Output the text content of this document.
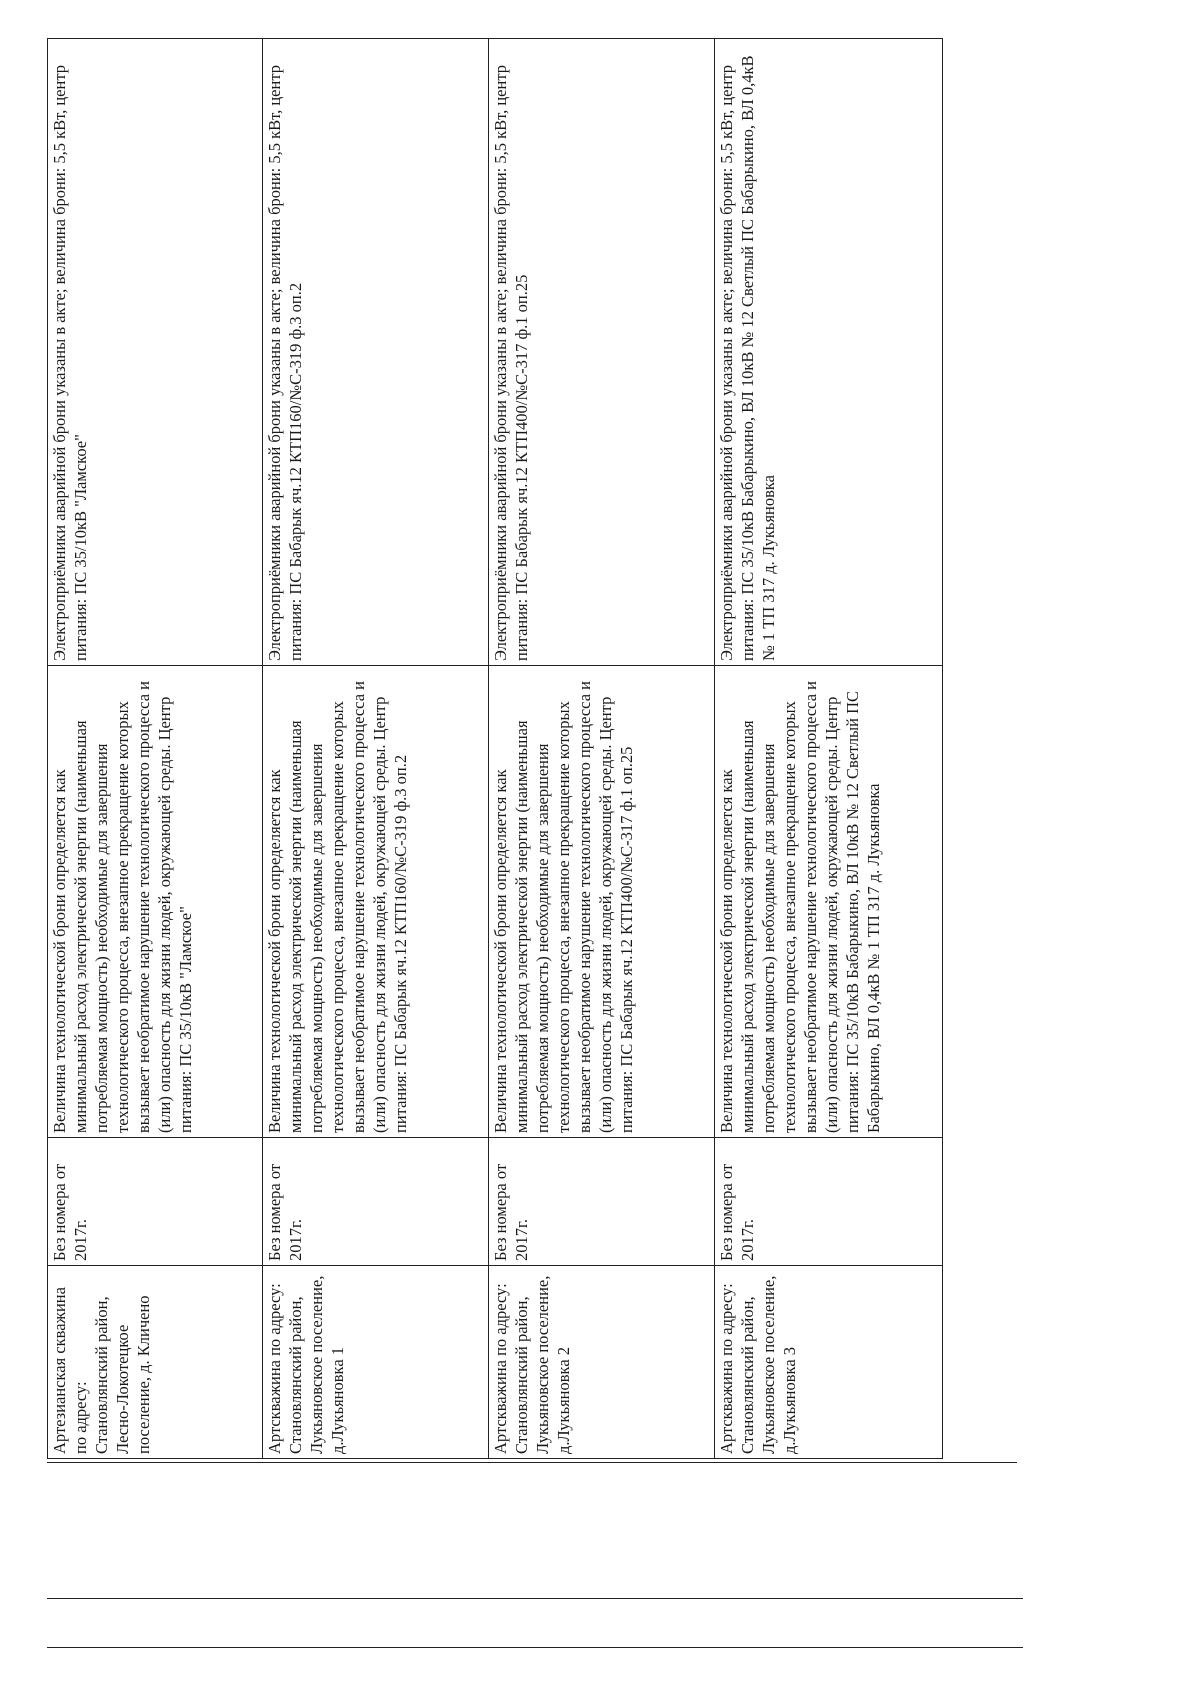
Артезианская скважина по адресу: Становлянский район, Лесно-Локотецкое поселение, д. Кличено	Без номера от 2017г.	Величина технологической брони определяется как минимальный расход электрической энергии (наименьшая потребляемая мощность) необходимые для завершения технологического процесса, внезапное прекращение которых вызывает необратимое нарушение технологического процесса и (или) опасность для жизни людей, окружающей среды. Центр питания: ПС 35/10кВ "Ламское"	Электроприёмники аварийной брони указаны в акте; величина брони: 5,5 кВт, центр питания: ПС 35/10кВ "Ламское"

Артскважина по адресу: Становлянский район, Лукьяновское поселение, д.Лукьяновка 1	Без номера от 2017г.	Величина технологической брони определяется как минимальный расход электрической энергии (наименьшая потребляемая мощность) необходимые для завершения технологического процесса, внезапное прекращение которых вызывает необратимое нарушение технологического процесса и (или) опасность для жизни людей, окружающей среды. Центр питания: ПС Бабарык яч.12 КТП160/№С-319 ф.3 оп.2	Электроприёмники аварийной брони указаны в акте; величина брони: 5,5 кВт, центр питания: ПС Бабарык яч.12 КТП160/№С-319 ф.3 оп.2

Артскважина по адресу: Становлянский район, Лукьяновское поселение, д.Лукьяновка 2	Без номера от 2017г.	Величина технологической брони определяется как минимальный расход электрической энергии (наименьшая потребляемая мощность) необходимые для завершения технологического процесса, внезапное прекращение которых вызывает необратимое нарушение технологического процесса и (или) опасность для жизни людей, окружающей среды. Центр питания: ПС Бабарык яч.12 КТП400/№С-317 ф.1 оп.25	Электроприёмники аварийной брони указаны в акте; величина брони: 5,5 кВт, центр питания: ПС Бабарык яч.12 КТП400/№С-317 ф.1 оп.25

Артскважина по адресу: Становлянский район, Лукьяновское поселение, д.Лукьяновка 3	Без номера от 2017г.	Величина технологической брони определяется как минимальный расход электрической энергии (наименьшая потребляемая мощность) необходимые для завершения технологического процесса, внезапное прекращение которых вызывает необратимое нарушение технологического процесса и (или) опасность для жизни людей, окружающей среды. Центр питания: ПС 35/10кВ Бабарыкино, ВЛ 10кВ № 12 Светлый ПС Бабарыкино, ВЛ 0,4кВ № 1 ТП 317 д. Лукьяновка	Электроприёмники аварийной брони указаны в акте; величина брони: 5,5 кВт, центр питания: ПС 35/10кВ Бабарыкино, ВЛ 10кВ № 12 Светлый ПС Бабарыкино, ВЛ 0,4кВ № 1 ТП 317 д. Лукьяновка
